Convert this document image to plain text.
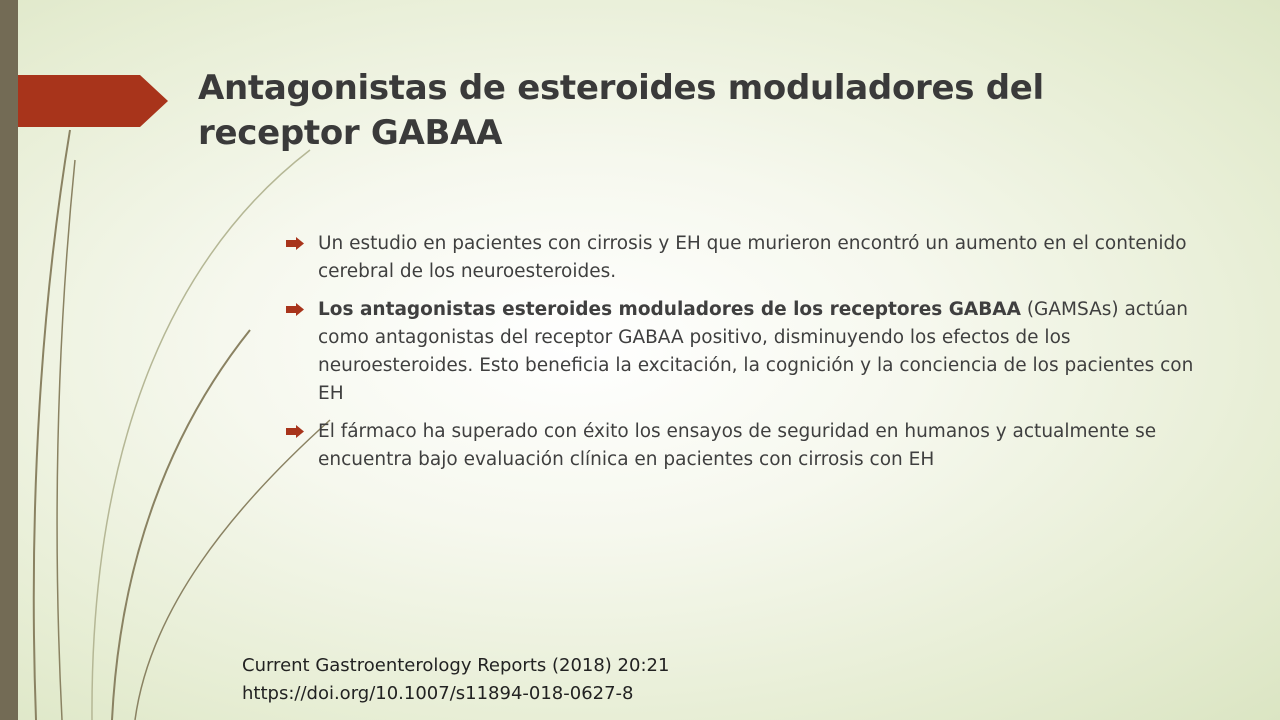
Antagonistas de esteroides moduladores del receptor GABAA
Un estudio en pacientes con cirrosis y EH que murieron encontró un aumento en el contenido cerebral de los neuroesteroides.
Los antagonistas esteroides moduladores de los receptores GABAA (GAMSAs) actúan como antagonistas del receptor GABAA positivo, disminuyendo los efectos de los neuroesteroides. Esto beneficia la excitación, la cognición y la conciencia de los pacientes con EH
El fármaco ha superado con éxito los ensayos de seguridad en humanos y actualmente se encuentra bajo evaluación clínica en pacientes con cirrosis con EH
Current Gastroenterology Reports (2018) 20:21
https://doi.org/10.1007/s11894-018-0627-8
